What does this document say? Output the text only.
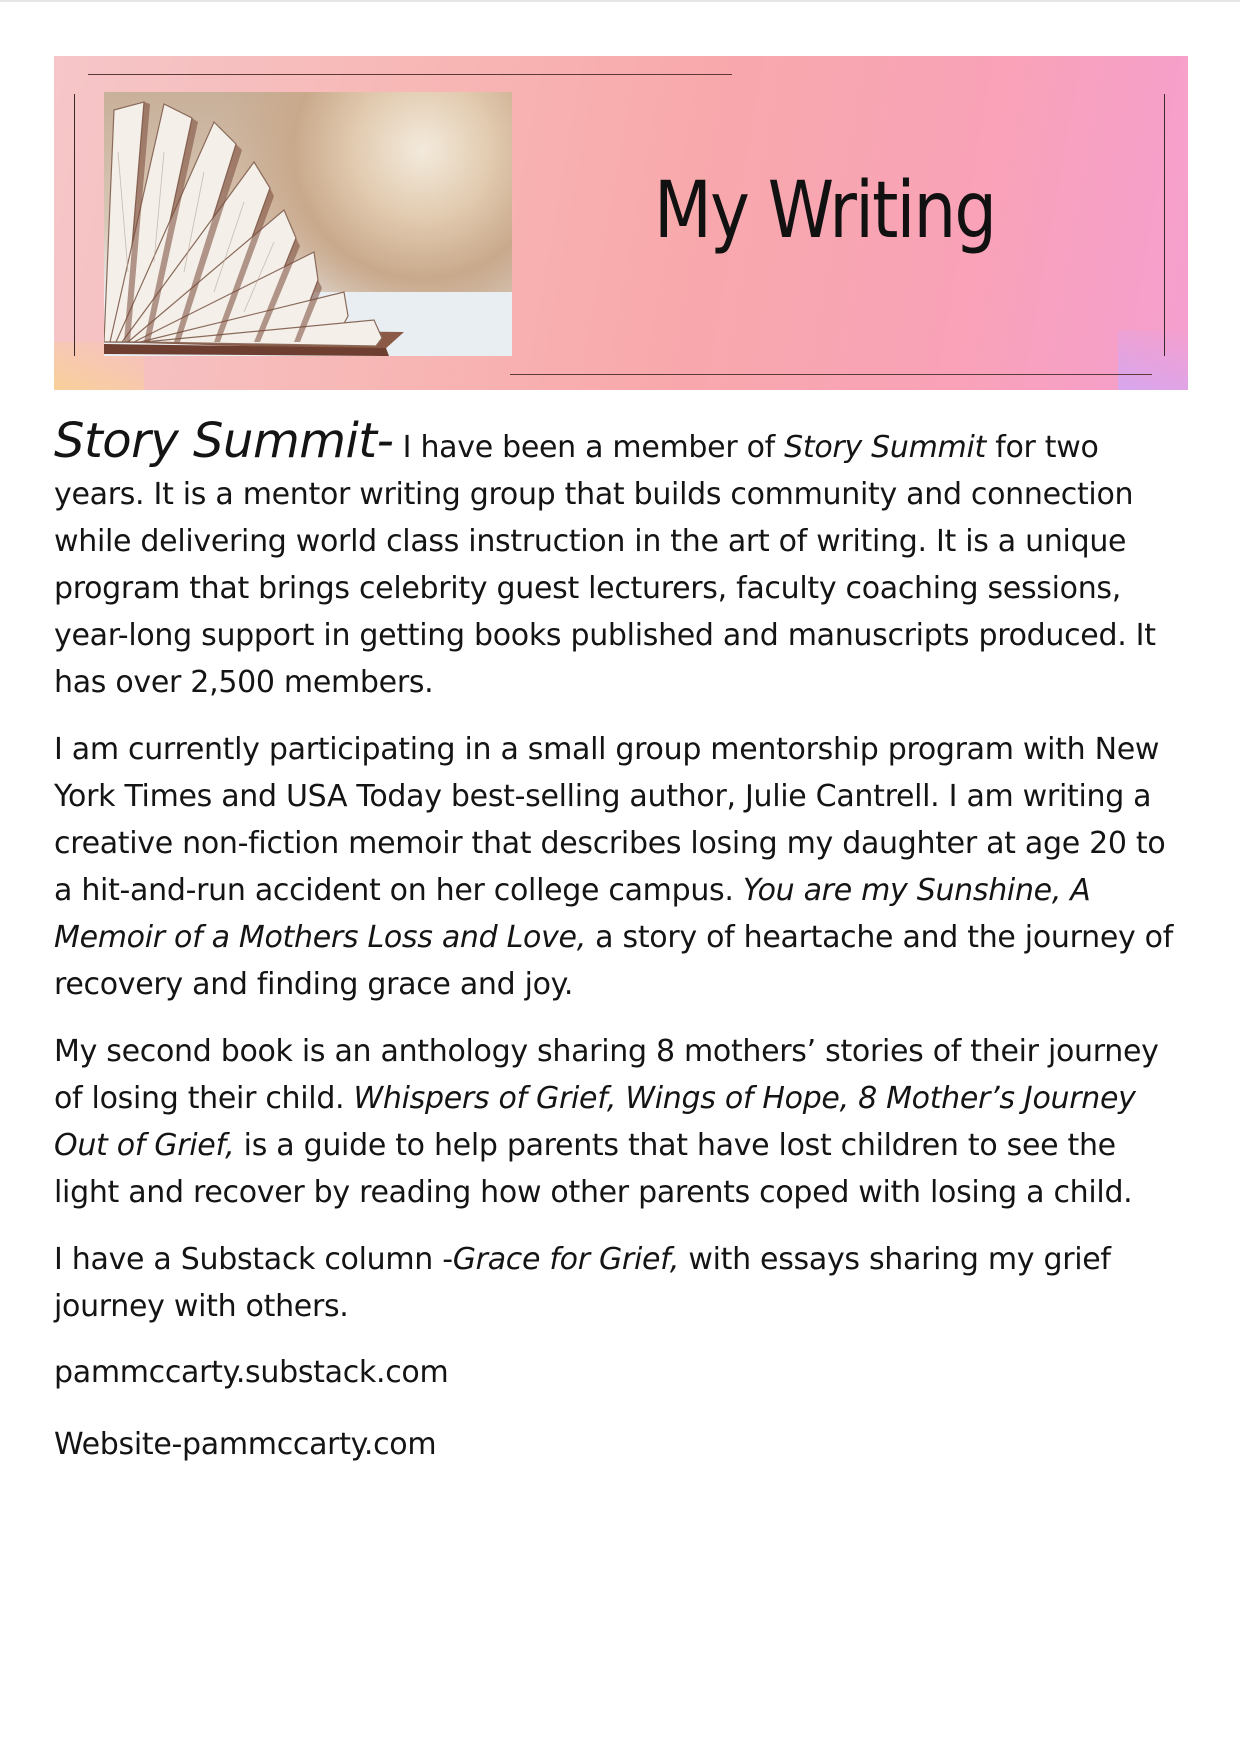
My Writing

Story Summit- I have been a member of Story Summit for two years. It is a mentor writing group that builds community and connection while delivering world class instruction in the art of writing. It is a unique program that brings celebrity guest lecturers, faculty coaching sessions, year-long support in getting books published and manuscripts produced. It has over 2,500 members.

I am currently participating in a small group mentorship program with New York Times and USA Today best-selling author, Julie Cantrell. I am writing a creative non-fiction memoir that describes losing my daughter at age 20 to a hit-and-run accident on her college campus. You are my Sunshine, A Memoir of a Mothers Loss and Love, a story of heartache and the journey of recovery and finding grace and joy.

My second book is an anthology sharing 8 mothers’ stories of their journey of losing their child. Whispers of Grief, Wings of Hope, 8 Mother’s Journey Out of Grief, is a guide to help parents that have lost children to see the light and recover by reading how other parents coped with losing a child.

I have a Substack column -Grace for Grief, with essays sharing my grief journey with others.

pammccarty.substack.com

Website-pammccarty.com
